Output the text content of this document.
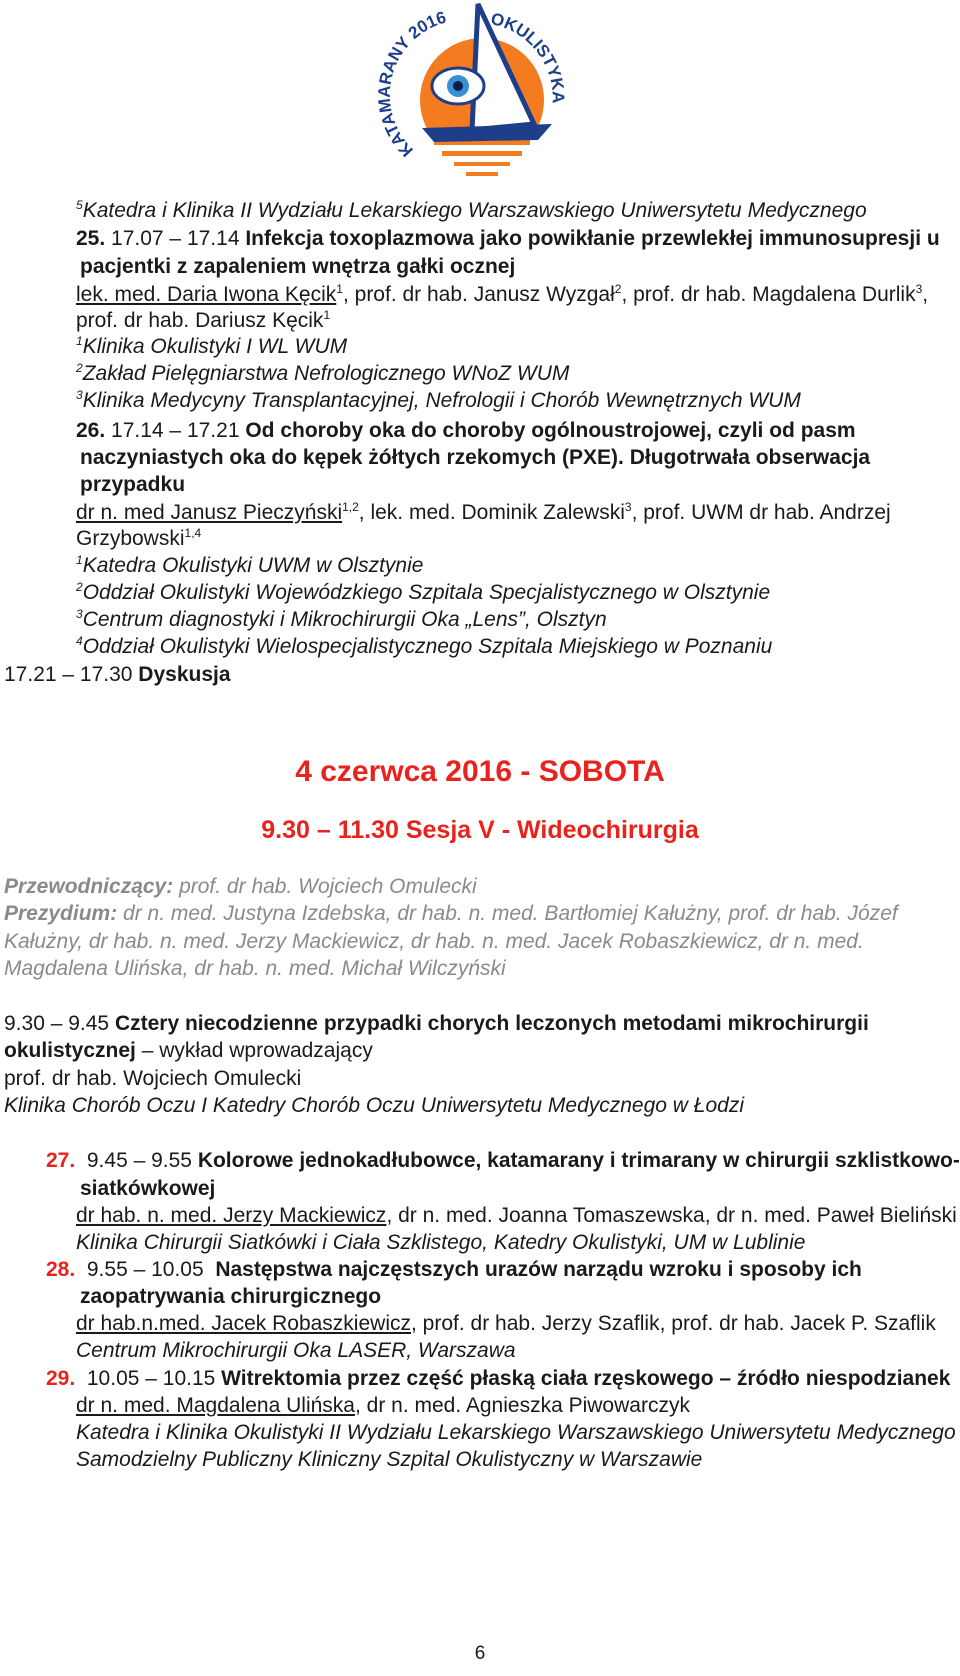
KATAMARANY 2016 OKULISTYKA
$^5$Katedra i Klinika II Wydziału Lekarskiego Warszawskiego Uniwersytetu Medycznego
25. 17.07 – 17.14 Infekcja toxoplazmowa jako powikłanie przewlekłej immunosupresji u
pacjentki z zapaleniem wnętrza gałki ocznej
lek. med. Daria Iwona Kęcik$^1$, prof. dr hab. Janusz Wyzgał$^2$, prof. dr hab. Magdalena Durlik$^3$,
prof. dr hab. Dariusz Kęcik$^1$
$^1$Klinika Okulistyki I WL WUM
$^2$Zakład Pielęgniarstwa Nefrologicznego WNoZ WUM
$^3$Klinika Medycyny Transplantacyjnej, Nefrologii i Chorób Wewnętrznych WUM
26. 17.14 – 17.21 Od choroby oka do choroby ogólnoustrojowej, czyli od pasm
naczyniastych oka do kępek żółtych rzekomych (PXE). Długotrwała obserwacja
przypadku
dr n. med Janusz Pieczyński$^{1,2}$, lek. med. Dominik Zalewski$^3$, prof. UWM dr hab. Andrzej
Grzybowski$^{1,4}$
$^1$Katedra Okulistyki UWM w Olsztynie
$^2$Oddział Okulistyki Wojewódzkiego Szpitala Specjalistycznego w Olsztynie
$^3$Centrum diagnostyki i Mikrochirurgii Oka „Lens”, Olsztyn
$^4$Oddział Okulistyki Wielospecjalistycznego Szpitala Miejskiego w Poznaniu
17.21 – 17.30 Dyskusja
4 czerwca 2016 - SOBOTA
9.30 – 11.30 Sesja V - Wideochirurgia
Przewodniczący: prof. dr hab. Wojciech Omulecki
Prezydium: dr n. med. Justyna Izdebska, dr hab. n. med. Bartłomiej Kałużny, prof. dr hab. Józef
Kałużny, dr hab. n. med. Jerzy Mackiewicz, dr hab. n. med. Jacek Robaszkiewicz, dr n. med.
Magdalena Ulińska, dr hab. n. med. Michał Wilczyński
9.30 – 9.45 Cztery niecodzienne przypadki chorych leczonych metodami mikrochirurgii
okulistycznej – wykład wprowadzający
prof. dr hab. Wojciech Omulecki
Klinika Chorób Oczu I Katedry Chorób Oczu Uniwersytetu Medycznego w Łodzi
27. 9.45 – 9.55 Kolorowe jednokadłubowce, katamarany i trimarany w chirurgii szklistkowo-
siatkówkowej
dr hab. n. med. Jerzy Mackiewicz, dr n. med. Joanna Tomaszewska, dr n. med. Paweł Bieliński
Klinika Chirurgii Siatkówki i Ciała Szklistego, Katedry Okulistyki, UM w Lublinie
28. 9.55 – 10.05 Następstwa najczęstszych urazów narządu wzroku i sposoby ich
zaopatrywania chirurgicznego
dr hab.n.med. Jacek Robaszkiewicz, prof. dr hab. Jerzy Szaflik, prof. dr hab. Jacek P. Szaflik
Centrum Mikrochirurgii Oka LASER, Warszawa
29. 10.05 – 10.15 Witrektomia przez część płaską ciała rzęskowego – źródło niespodzianek
dr n. med. Magdalena Ulińska, dr n. med. Agnieszka Piwowarczyk
Katedra i Klinika Okulistyki II Wydziału Lekarskiego Warszawskiego Uniwersytetu Medycznego
Samodzielny Publiczny Kliniczny Szpital Okulistyczny w Warszawie
6
